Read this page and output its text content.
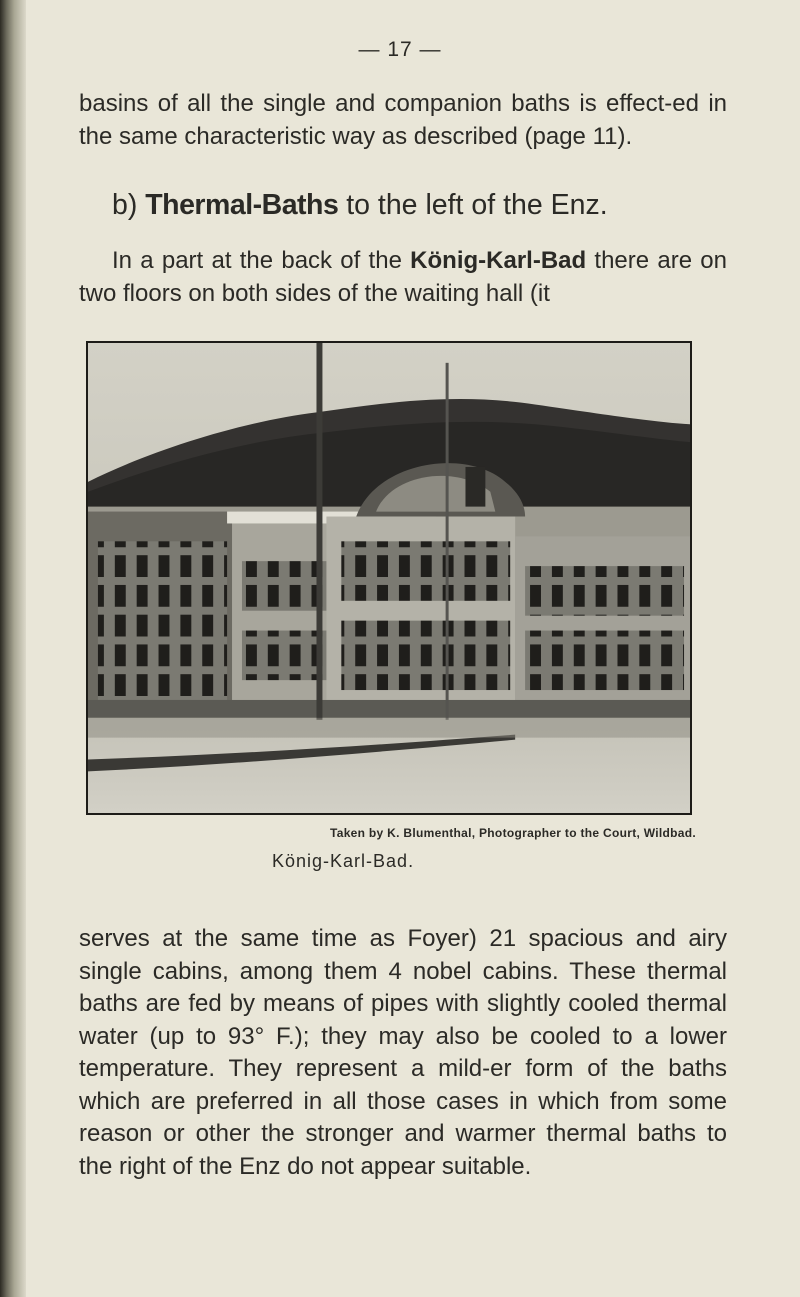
— 17 —

basins of all the single and companion baths is effect-ed in the same characteristic way as described (page 11).

b) Thermal-Baths to the left of the Enz.

In a part at the back of the König-Karl-Bad there are on two floors on both sides of the waiting hall (it

Taken by K. Blumenthal, Photographer to the Court, Wildbad.
König-Karl-Bad.

serves at the same time as Foyer) 21 spacious and airy single cabins, among them 4 nobel cabins. These thermal baths are fed by means of pipes with slightly cooled thermal water (up to 93° F.); they may also be cooled to a lower temperature. They represent a mild-er form of the baths which are preferred in all those cases in which from some reason or other the stronger and warmer thermal baths to the right of the Enz do not appear suitable.
